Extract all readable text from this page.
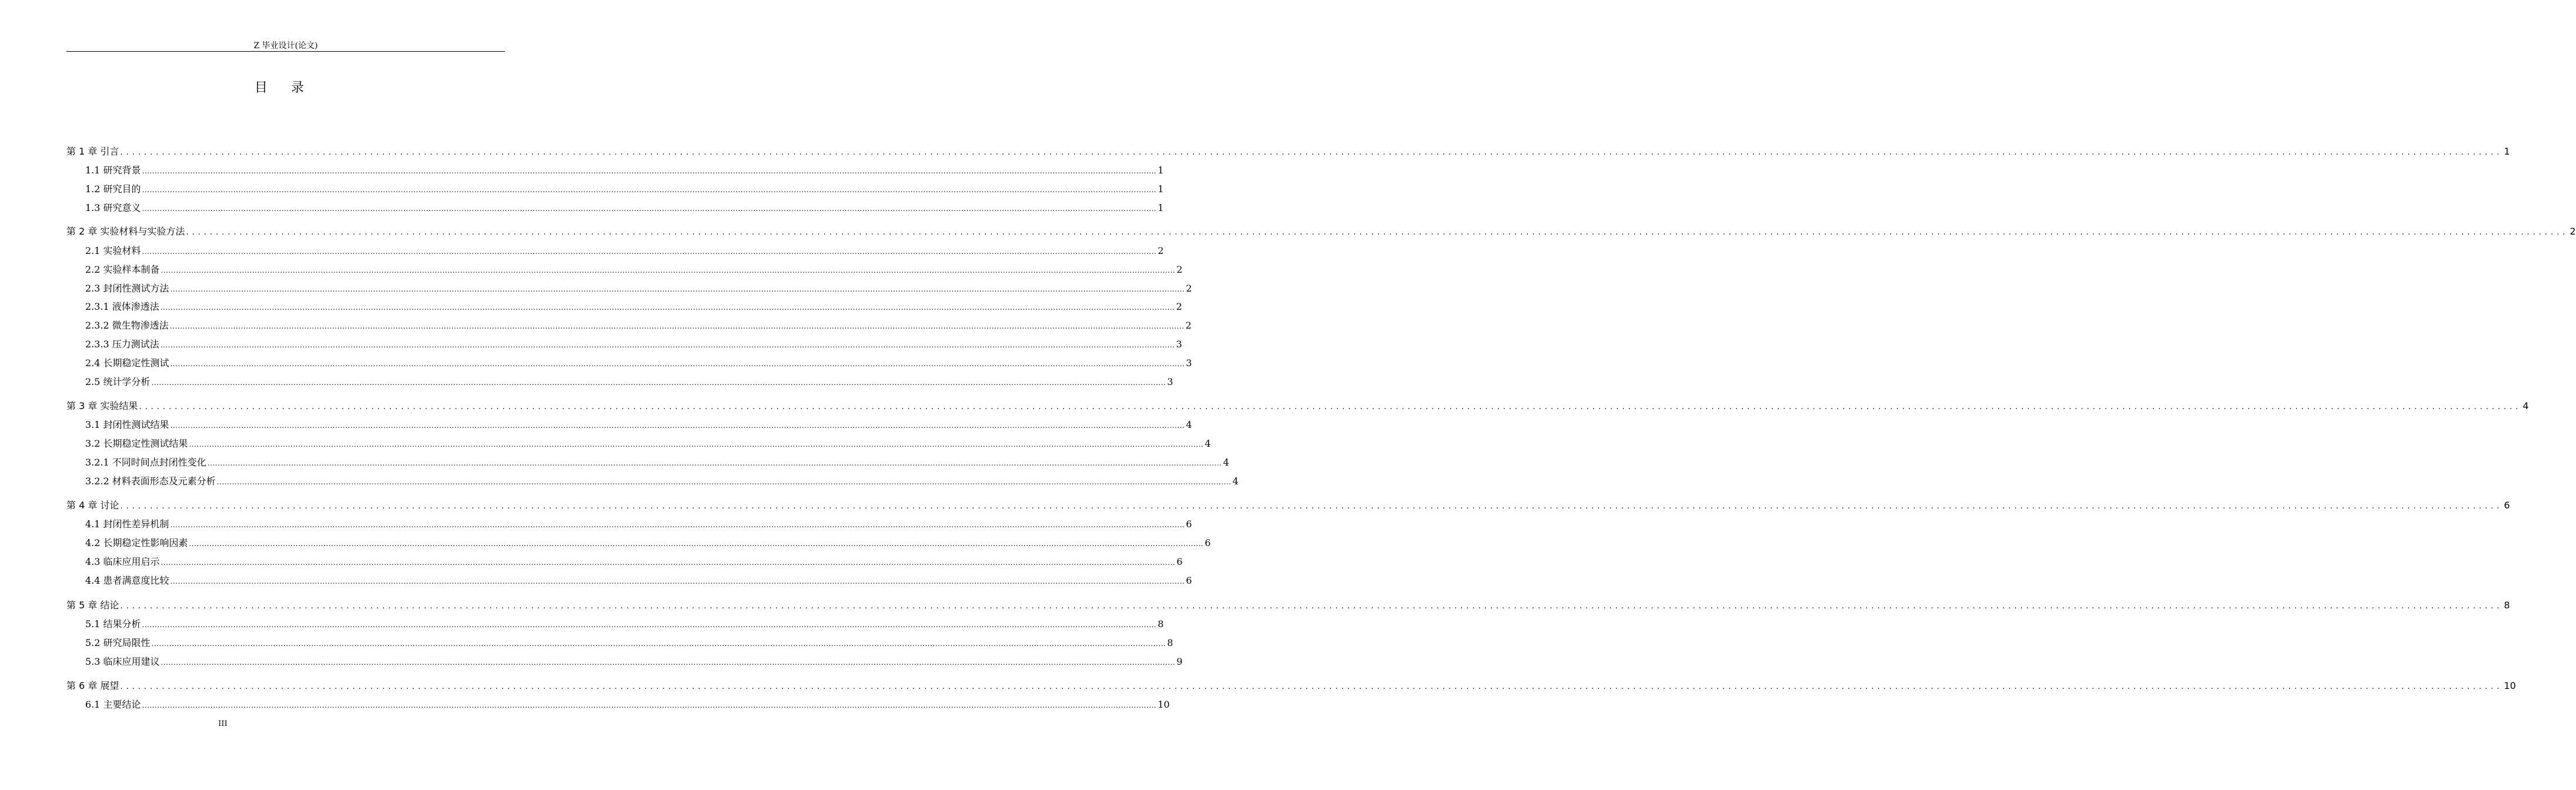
Z 毕业设计(论文)
目录
第 1 章 引言 ................................................................................................................................................................................................................................................................................................................................................................................................................ 1
1.1 研究背景 ................................................................................................................................................................................................................................................................................................................................................................................................................ 1
1.2 研究目的 ................................................................................................................................................................................................................................................................................................................................................................................................................ 1
1.3 研究意义 ................................................................................................................................................................................................................................................................................................................................................................................................................ 1
第 2 章 实验材料与实验方法 ................................................................................................................................................................................................................................................................................................................................................................................................................ 2
2.1 实验材料 ................................................................................................................................................................................................................................................................................................................................................................................................................ 2
2.2 实验样本制备 ................................................................................................................................................................................................................................................................................................................................................................................................................ 2
2.3 封闭性测试方法 ................................................................................................................................................................................................................................................................................................................................................................................................................ 2
2.3.1 液体渗透法 ................................................................................................................................................................................................................................................................................................................................................................................................................ 2
2.3.2 微生物渗透法 ................................................................................................................................................................................................................................................................................................................................................................................................................ 2
2.3.3 压力测试法 ................................................................................................................................................................................................................................................................................................................................................................................................................ 3
2.4 长期稳定性测试 ................................................................................................................................................................................................................................................................................................................................................................................................................ 3
2.5 统计学分析 ................................................................................................................................................................................................................................................................................................................................................................................................................ 3
第 3 章 实验结果 ................................................................................................................................................................................................................................................................................................................................................................................................................ 4
3.1 封闭性测试结果 ................................................................................................................................................................................................................................................................................................................................................................................................................ 4
3.2 长期稳定性测试结果 ................................................................................................................................................................................................................................................................................................................................................................................................................ 4
3.2.1 不同时间点封闭性变化 ................................................................................................................................................................................................................................................................................................................................................................................................................ 4
3.2.2 材料表面形态及元素分析 ................................................................................................................................................................................................................................................................................................................................................................................................................ 4
第 4 章 讨论 ................................................................................................................................................................................................................................................................................................................................................................................................................ 6
4.1 封闭性差异机制 ................................................................................................................................................................................................................................................................................................................................................................................................................ 6
4.2 长期稳定性影响因素 ................................................................................................................................................................................................................................................................................................................................................................................................................ 6
4.3 临床应用启示 ................................................................................................................................................................................................................................................................................................................................................................................................................ 6
4.4 患者满意度比较 ................................................................................................................................................................................................................................................................................................................................................................................................................ 6
第 5 章 结论 ................................................................................................................................................................................................................................................................................................................................................................................................................ 8
5.1 结果分析 ................................................................................................................................................................................................................................................................................................................................................................................................................ 8
5.2 研究局限性 ................................................................................................................................................................................................................................................................................................................................................................................................................ 8
5.3 临床应用建议 ................................................................................................................................................................................................................................................................................................................................................................................................................ 9
第 6 章 展望 ................................................................................................................................................................................................................................................................................................................................................................................................................ 10
6.1 主要结论 ................................................................................................................................................................................................................................................................................................................................................................................................................ 10
III
